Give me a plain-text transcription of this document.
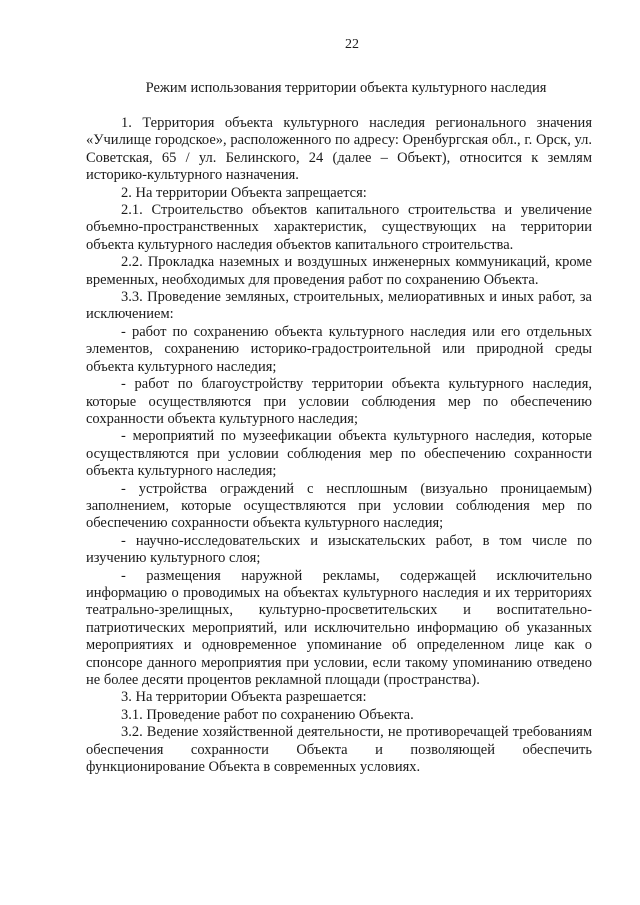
22
Режим использования территории объекта культурного наследия

1. Территория объекта культурного наследия регионального значения «Училище городское», расположенного по адресу: Оренбургская обл., г. Орск, ул. Советская, 65 / ул. Белинского, 24 (далее – Объект), относится к землям историко-культурного назначения.

2. На территории Объекта запрещается:

2.1. Строительство объектов капитального строительства и увеличение объемно-пространственных характеристик, существующих на территории объекта культурного наследия объектов капитального строительства.

2.2. Прокладка наземных и воздушных инженерных коммуникаций, кроме временных, необходимых для проведения работ по сохранению Объекта.

3.3. Проведение земляных, строительных, мелиоративных и иных работ, за исключением:

- работ по сохранению объекта культурного наследия или его отдельных элементов, сохранению историко-градостроительной или природной среды объекта культурного наследия;

- работ по благоустройству территории объекта культурного наследия, которые осуществляются при условии соблюдения мер по обеспечению сохранности объекта культурного наследия;

- мероприятий по музеефикации объекта культурного наследия, которые осуществляются при условии соблюдения мер по обеспечению сохранности объекта культурного наследия;

- устройства ограждений с несплошным (визуально проницаемым) заполнением, которые осуществляются при условии соблюдения мер по обеспечению сохранности объекта культурного наследия;

- научно-исследовательских и изыскательских работ, в том числе по изучению культурного слоя;

- размещения наружной рекламы, содержащей исключительно информацию о проводимых на объектах культурного наследия и их территориях театрально-зрелищных, культурно-просветительских и воспитательно-патриотических мероприятий, или исключительно информацию об указанных мероприятиях и одновременное упоминание об определенном лице как о спонсоре данного мероприятия при условии, если такому упоминанию отведено не более десяти процентов рекламной площади (пространства).

3. На территории Объекта разрешается:

3.1. Проведение работ по сохранению Объекта.

3.2. Ведение хозяйственной деятельности, не противоречащей требованиям обеспечения сохранности Объекта и позволяющей обеспечить функционирование Объекта в современных условиях.
